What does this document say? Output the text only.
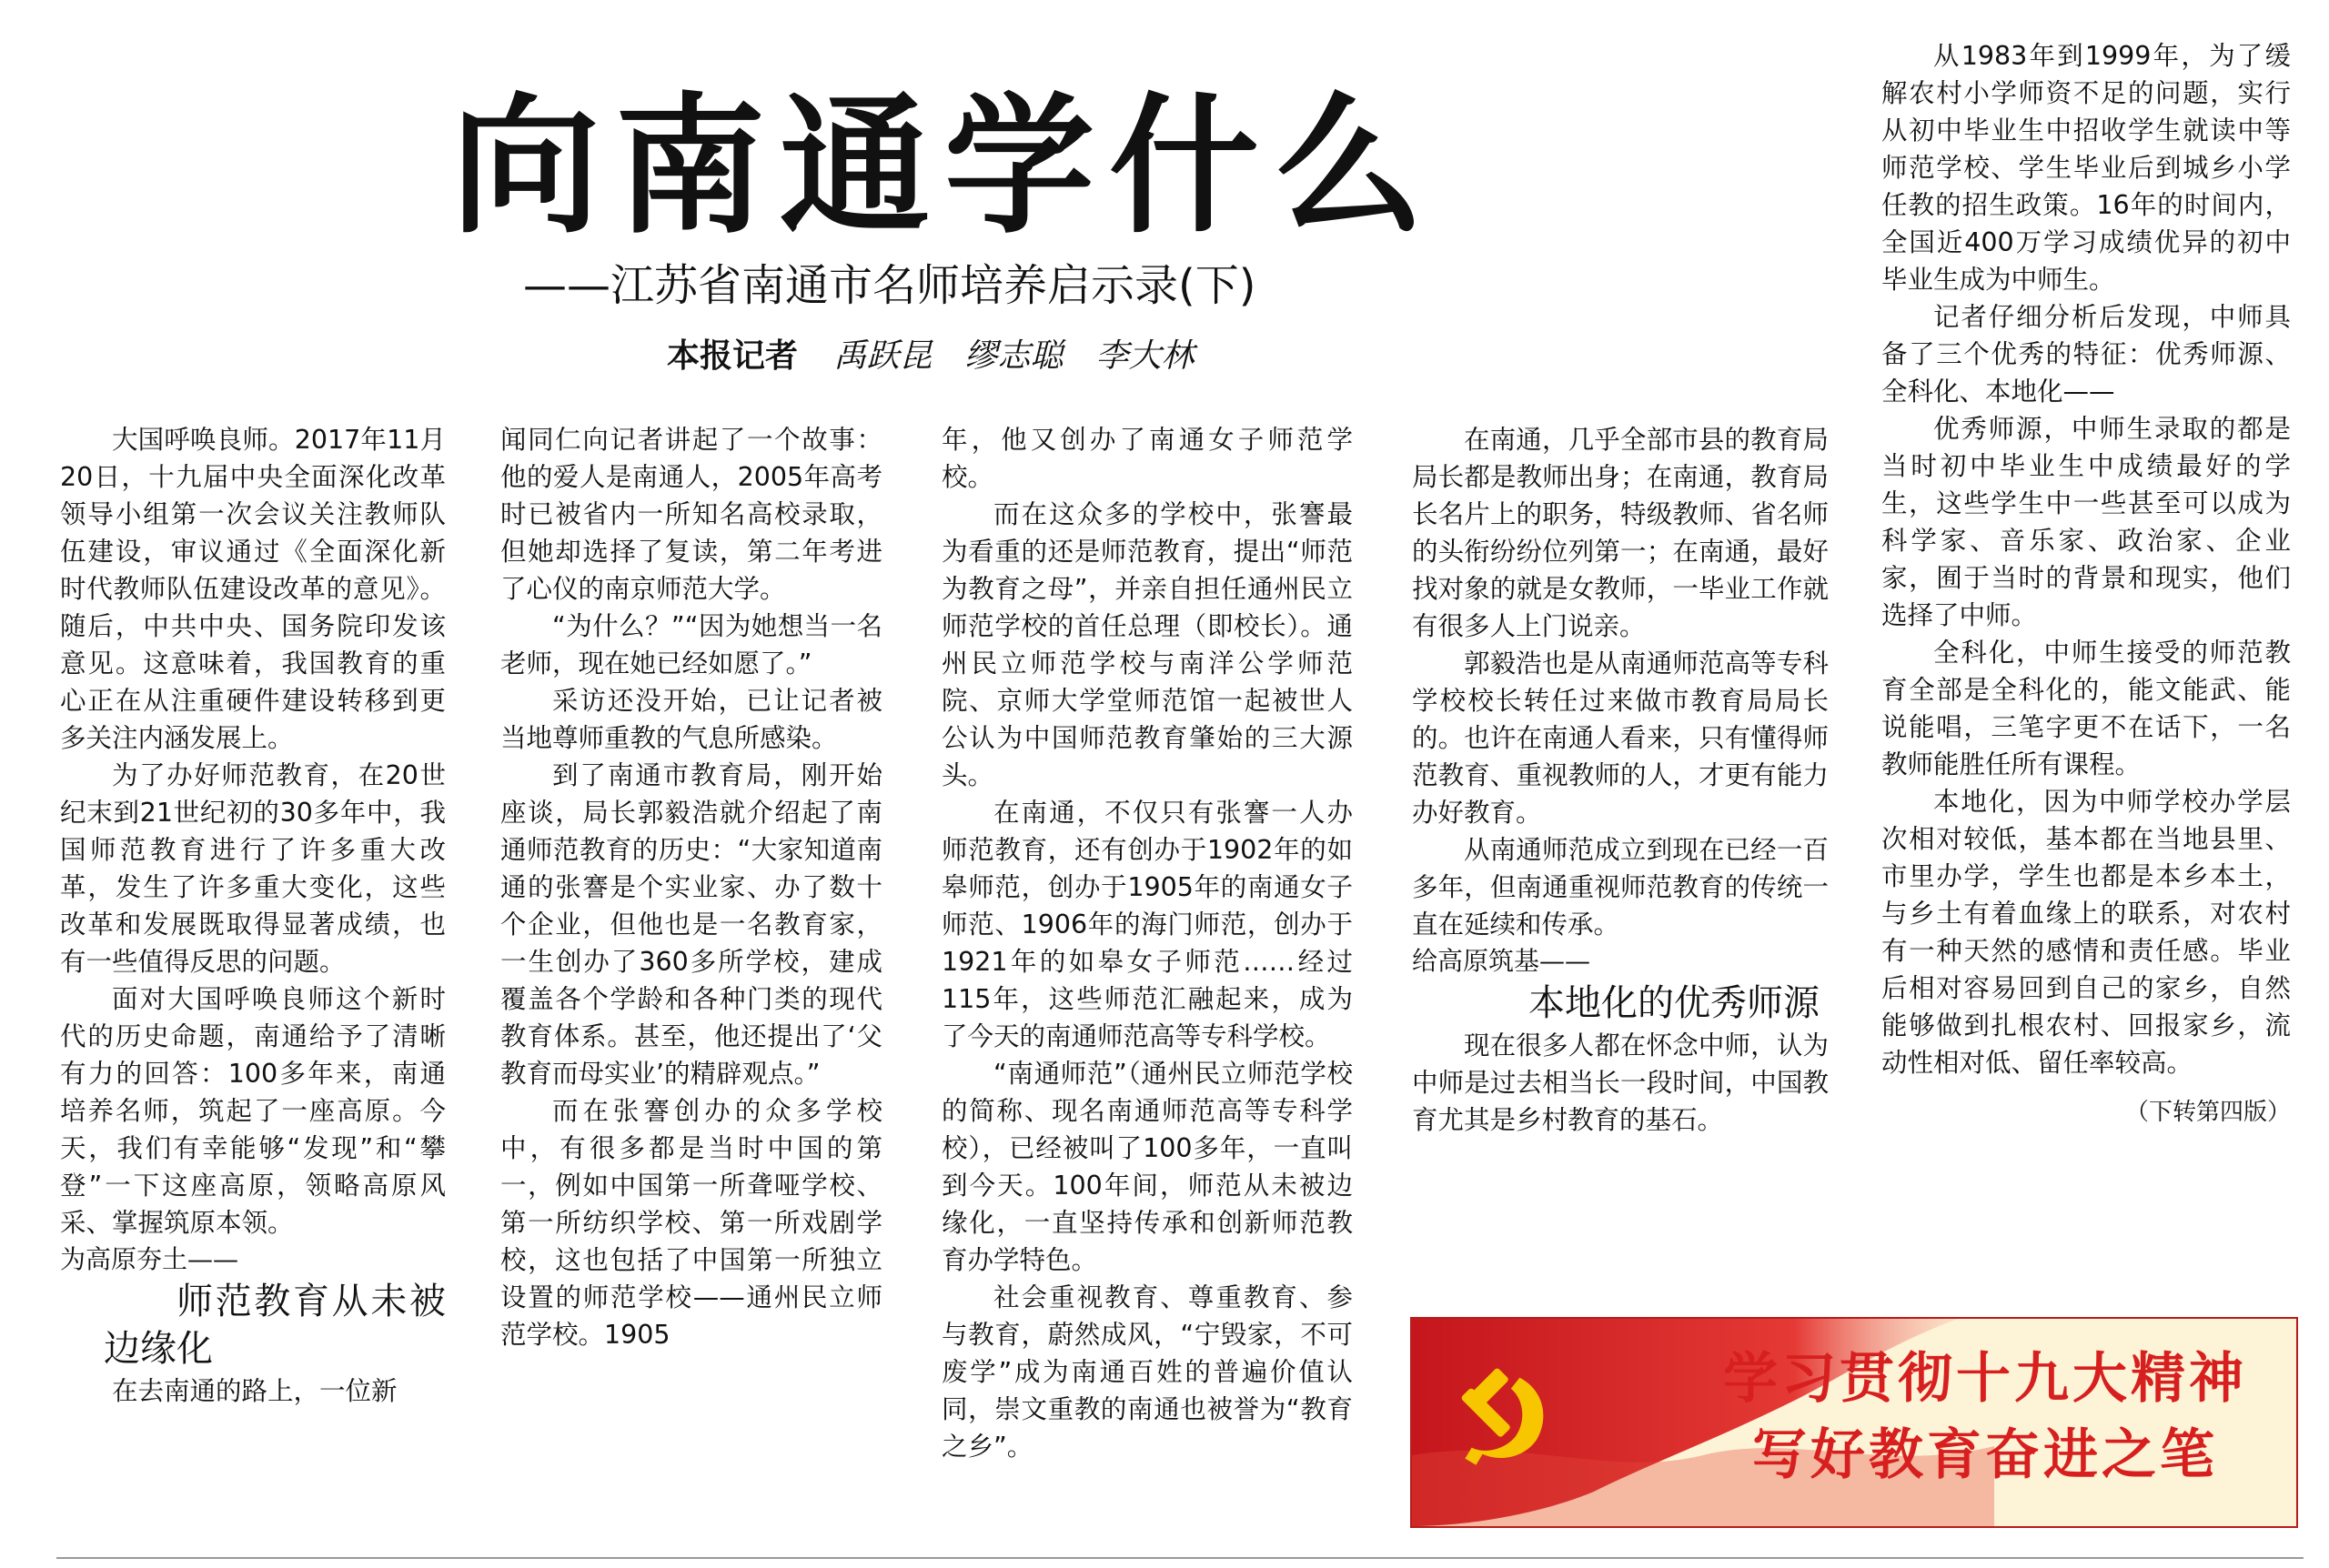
向南通学什么
——江苏省南通市名师培养启示录(下)
本报记者 禹跃昆　缪志聪　李大林

大国呼唤良师。2017年11月20日，十九届中央全面深化改革领导小组第一次会议关注教师队伍建设，审议通过《全面深化新时代教师队伍建设改革的意见》。随后，中共中央、国务院印发该意见。这意味着，我国教育的重心正在从注重硬件建设转移到更多关注内涵发展上。

为了办好师范教育，在20世纪末到21世纪初的30多年中，我国师范教育进行了许多重大改革，发生了许多重大变化，这些改革和发展既取得显著成绩，也有一些值得反思的问题。

面对大国呼唤良师这个新时代的历史命题，南通给予了清晰有力的回答：100多年来，南通培养名师，筑起了一座高原。今天，我们有幸能够“发现”和“攀登”一下这座高原，领略高原风采、掌握筑原本领。

为高原夯土——

师范教育从未被边缘化

在去南通的路上，一位新

闻同仁向记者讲起了一个故事：他的爱人是南通人，2005年高考时已被省内一所知名高校录取，但她却选择了复读，第二年考进了心仪的南京师范大学。

“为什么？”“因为她想当一名老师，现在她已经如愿了。”

采访还没开始，已让记者被当地尊师重教的气息所感染。

到了南通市教育局，刚开始座谈，局长郭毅浩就介绍起了南通师范教育的历史：“大家知道南通的张謇是个实业家、办了数十个企业，但他也是一名教育家，一生创办了360多所学校，建成覆盖各个学龄和各种门类的现代教育体系。甚至，他还提出了‘父教育而母实业’的精辟观点。”

而在张謇创办的众多学校中，有很多都是当时中国的第一，例如中国第一所聋哑学校、第一所纺织学校、第一所戏剧学校，这也包括了中国第一所独立设置的师范学校——通州民立师范学校。1905

年，他又创办了南通女子师范学校。

而在这众多的学校中，张謇最为看重的还是师范教育，提出“师范为教育之母”，并亲自担任通州民立师范学校的首任总理（即校长）。通州民立师范学校与南洋公学师范院、京师大学堂师范馆一起被世人公认为中国师范教育肇始的三大源头。

在南通，不仅只有张謇一人办师范教育，还有创办于1902年的如皋师范，创办于1905年的南通女子师范、1906年的海门师范，创办于1921年的如皋女子师范……经过115年，这些师范汇融起来，成为了今天的南通师范高等专科学校。

“南通师范”（通州民立师范学校的简称、现名南通师范高等专科学校），已经被叫了100多年，一直叫到今天。100年间，师范从未被边缘化，一直坚持传承和创新师范教育办学特色。

社会重视教育、尊重教育、参与教育，蔚然成风，“宁毁家，不可废学”成为南通百姓的普遍价值认同，崇文重教的南通也被誉为“教育之乡”。

在南通，几乎全部市县的教育局局长都是教师出身；在南通，教育局长名片上的职务，特级教师、省名师的头衔纷纷位列第一；在南通，最好找对象的就是女教师，一毕业工作就有很多人上门说亲。

郭毅浩也是从南通师范高等专科学校校长转任过来做市教育局局长的。也许在南通人看来，只有懂得师范教育、重视教师的人，才更有能力办好教育。

从南通师范成立到现在已经一百多年，但南通重视师范教育的传统一直在延续和传承。

给高原筑基——

本地化的优秀师源

现在很多人都在怀念中师，认为中师是过去相当长一段时间，中国教育尤其是乡村教育的基石。

从1983年到1999年，为了缓解农村小学师资不足的问题，实行从初中毕业生中招收学生就读中等师范学校、学生毕业后到城乡小学任教的招生政策。16年的时间内，全国近400万学习成绩优异的初中毕业生成为中师生。

记者仔细分析后发现，中师具备了三个优秀的特征：优秀师源、全科化、本地化——

优秀师源，中师生录取的都是当时初中毕业生中成绩最好的学生，这些学生中一些甚至可以成为科学家、音乐家、政治家、企业家，囿于当时的背景和现实，他们选择了中师。

全科化，中师生接受的师范教育全部是全科化的，能文能武、能说能唱，三笔字更不在话下，一名教师能胜任所有课程。

本地化，因为中师学校办学层次相对较低，基本都在当地县里、市里办学，学生也都是本乡本土，与乡土有着血缘上的联系，对农村有一种天然的感情和责任感。毕业后相对容易回到自己的家乡，自然能够做到扎根农村、回报家乡，流动性相对低、留任率较高。

（下转第四版）
学习贯彻十九大精神
写好教育奋进之笔
